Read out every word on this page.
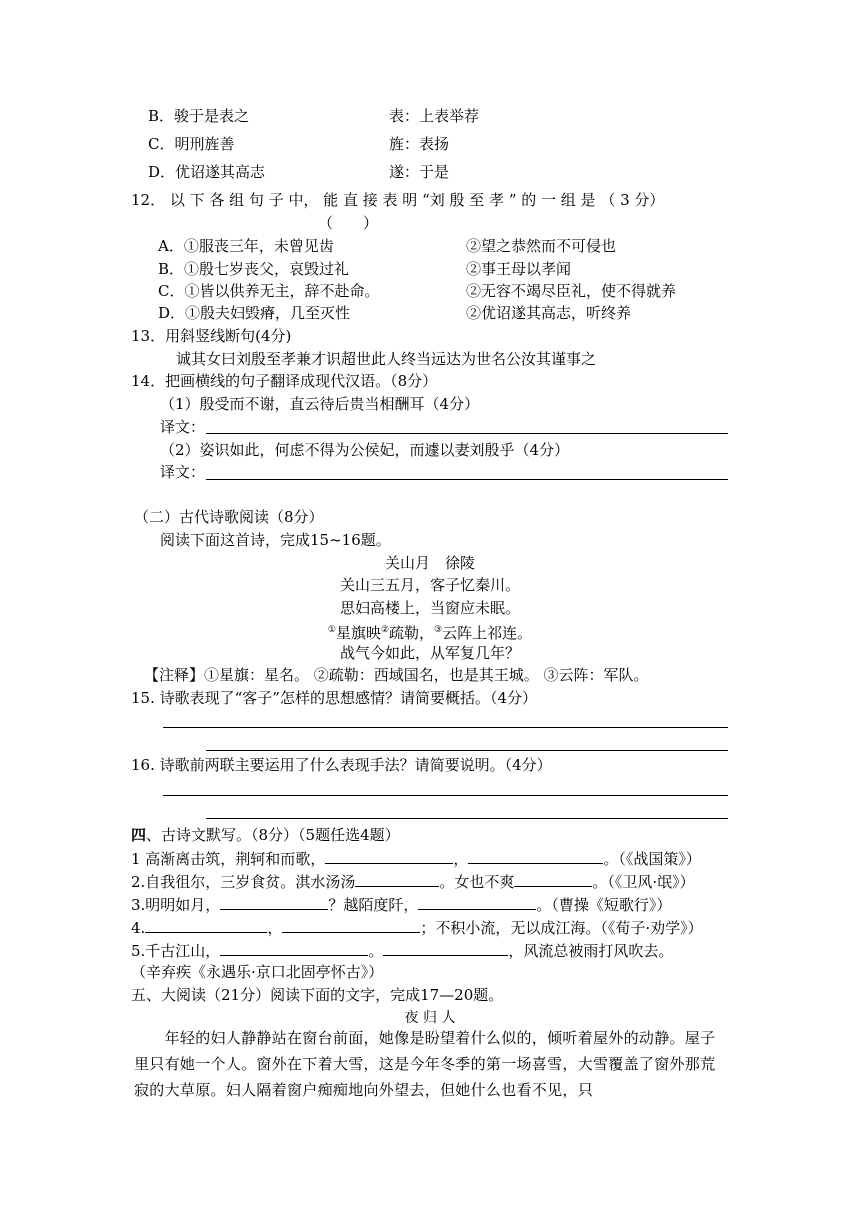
B．骏于是表之	表：上表举荐
C．明刑旌善	旌：表扬
D．优诏遂其高志	遂：于是
12． 以 下 各 组 句 子 中， 能 直 接 表 明 “刘 殷 至 孝 ” 的 一 组 是 （ 3 分）
（　　）
A．①服丧三年，未曾见齿	②望之恭然而不可侵也
B．①殷七岁丧父，哀毁过礼	②事王母以孝闻
C．①皆以供养无主，辞不赴命。	②无容不竭尽臣礼，使不得就养
D．①殷夫妇毁瘠，几至灭性	②优诏遂其高志，听终养
13．用斜竖线断句(4分)
诚其女曰刘殷至孝兼才识超世此人终当远达为世名公汝其谨事之
14．把画横线的句子翻译成现代汉语。（8分）
（1）殷受而不谢，直云待后贵当相酬耳（4分）
译文：
（2）姿识如此，何虑不得为公侯妃，而遽以妻刘殷乎（4分）
译文：
（二）古代诗歌阅读（8分）
阅读下面这首诗，完成15~16题。
关山月　徐陵
关山三五月，客子忆秦川。
思妇高楼上，当窗应未眠。
①星旗映②疏勒，③云阵上祁连。
战气今如此，从军复几年？
【注释】①星旗：星名。 ②疏勒：西域国名，也是其王城。 ③云阵：军队。
15. 诗歌表现了“客子”怎样的思想感情？请简要概括。（4分）
16. 诗歌前两联主要运用了什么表现手法？请简要说明。（4分）
四、古诗文默写。（8分）（5题任选4题）
1 高渐离击筑，荆轲和而歌，	，	。（《战国策》）
2.自我徂尔，三岁食贫。淇水汤汤	。女也不爽	。（《卫风·氓》）
3.明明如月，	？越陌度阡，	。（曹操《短歌行》）
4.	，	；不积小流，无以成江海。（《荀子·劝学》）
5.千古江山，	。	，风流总被雨打风吹去。
（辛弃疾《永遇乐·京口北固亭怀古》）
五、大阅读（21分）阅读下面的文字，完成17—20题。
夜 归 人
　　年轻的妇人静静站在窗台前面，她像是盼望着什么似的，倾听着屋外的动静。屋子里只有她一个人。窗外在下着大雪，这是今年冬季的第一场喜雪，大雪覆盖了窗外那荒寂的大草原。妇人隔着窗户痴痴地向外望去，但她什么也看不见，只
